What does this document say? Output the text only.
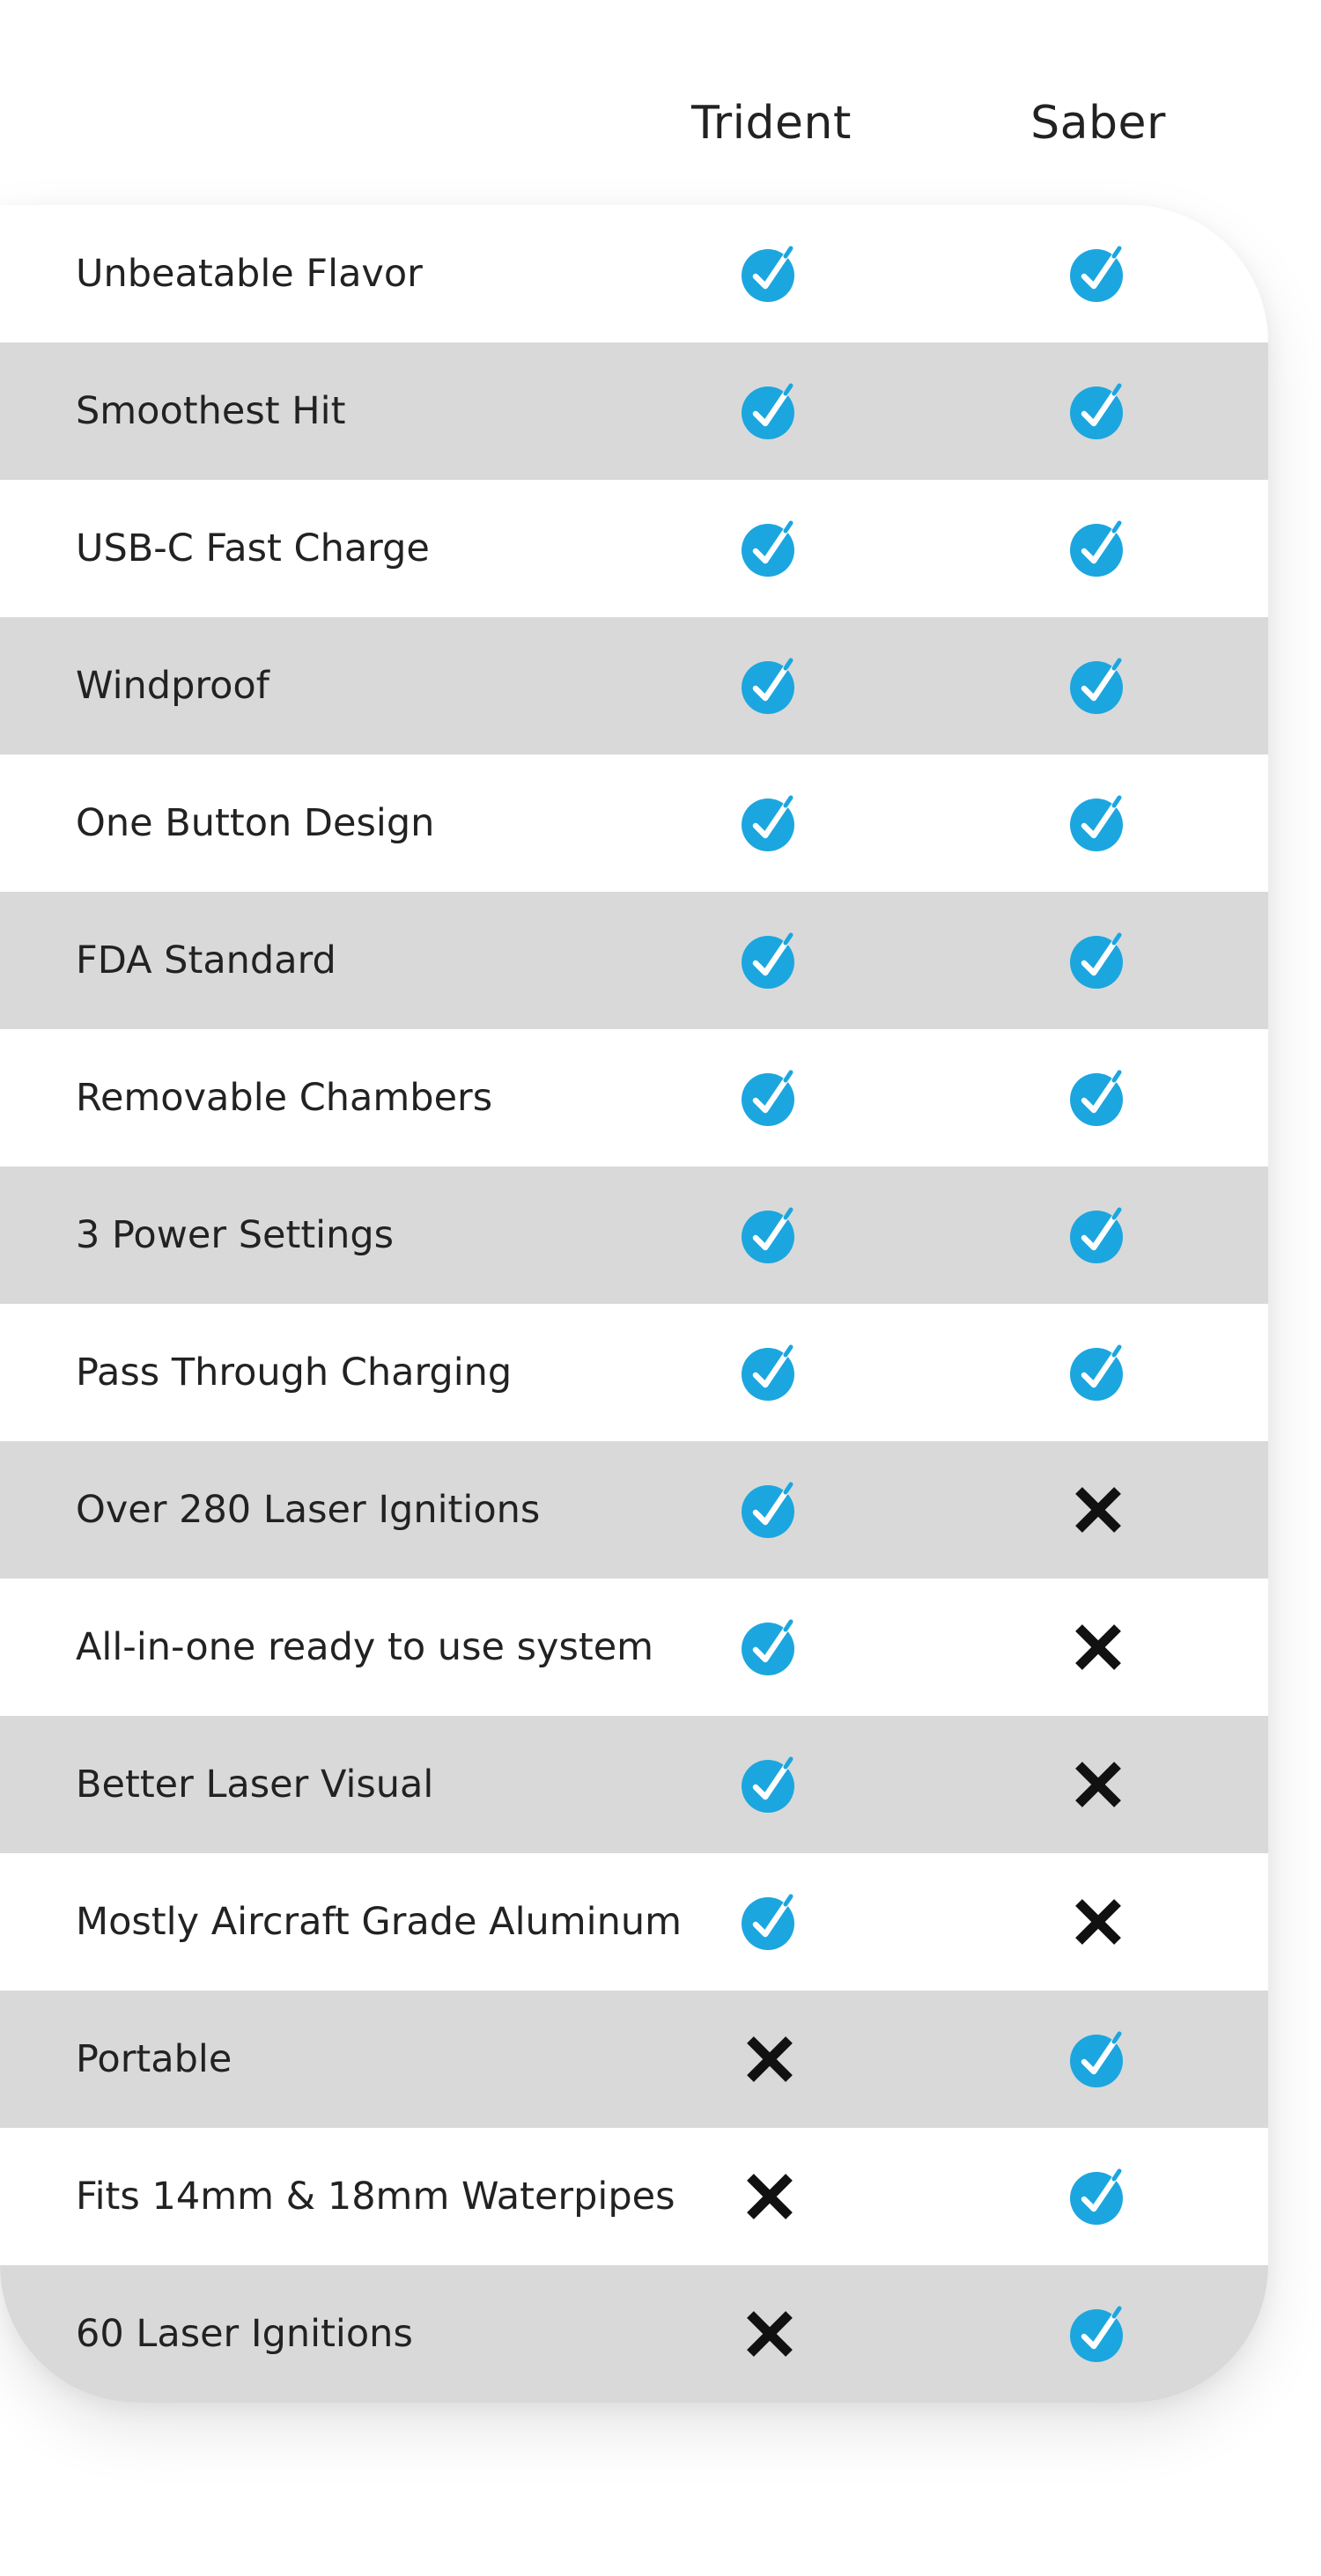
Trident	Saber
Unbeatable Flavor
Smoothest Hit
USB-C Fast Charge
Windproof
One Button Design
FDA Standard
Removable Chambers
3 Power Settings
Pass Through Charging
Over 280 Laser Ignitions
All-in-one ready to use system
Better Laser Visual
Mostly Aircraft Grade Aluminum
Portable
Fits 14mm & 18mm Waterpipes
60 Laser Ignitions
